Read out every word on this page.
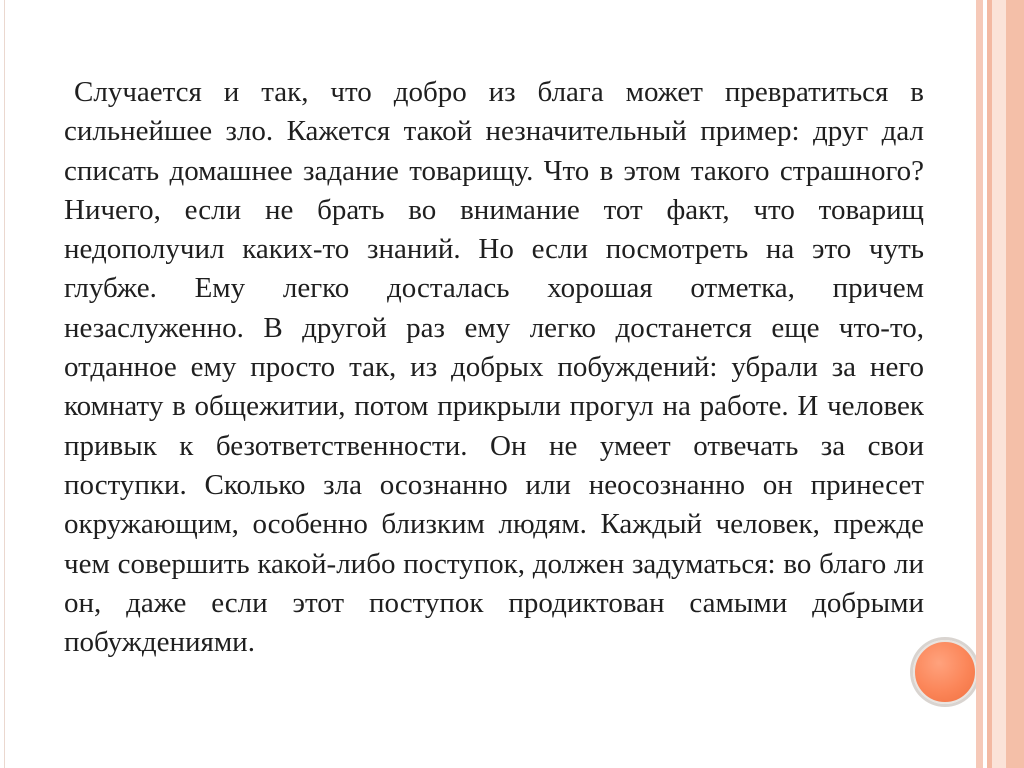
Случается и так, что добро из блага может превратиться в сильнейшее зло. Кажется такой незначительный пример: друг дал списать домашнее задание товарищу. Что в этом такого страшного? Ничего, если не брать во внимание тот факт, что товарищ недополучил каких-то знаний. Но если посмотреть на это чуть глубже. Ему легко досталась хорошая отметка, причем незаслуженно. В другой раз ему легко достанется еще что-то, отданное ему просто так, из добрых побуждений: убрали за него комнату в общежитии, потом прикрыли прогул на работе. И человек привык к безответственности. Он не умеет отвечать за свои поступки. Сколько зла осознанно или неосознанно он принесет окружающим, особенно близким людям. Каждый человек, прежде чем совершить какой-либо поступок, должен задуматься: во благо ли он, даже если этот поступок продиктован самыми добрыми побуждениями.
